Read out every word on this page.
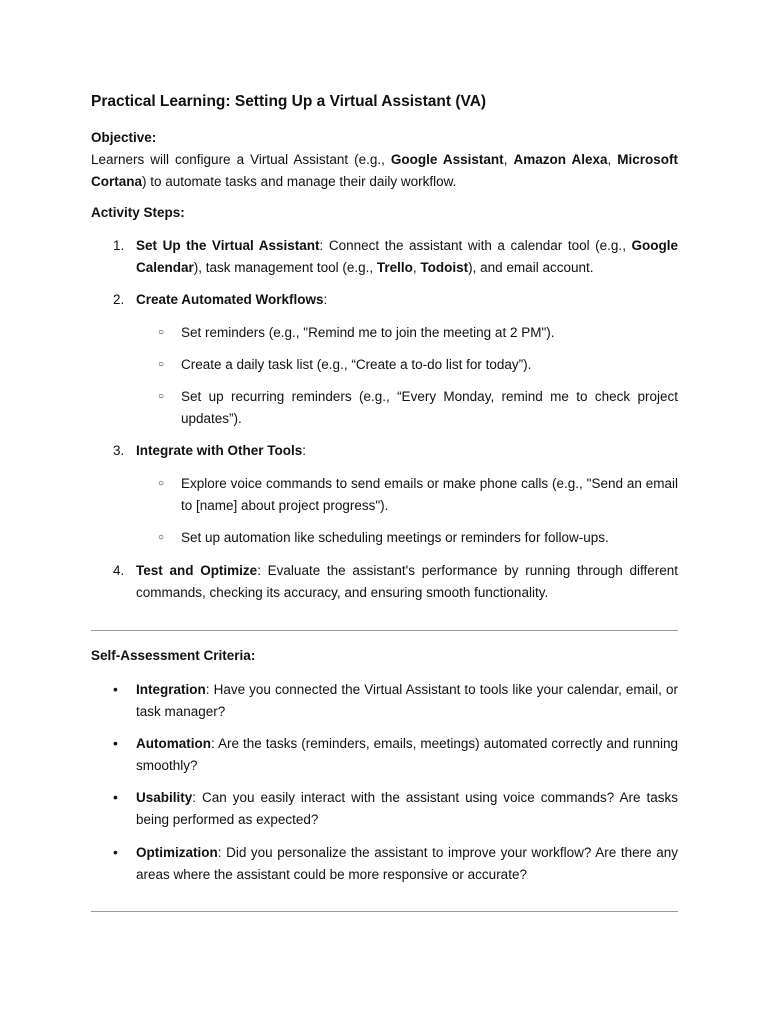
Practical Learning: Setting Up a Virtual Assistant (VA)
Objective:
Learners will configure a Virtual Assistant (e.g., Google Assistant, Amazon Alexa, Microsoft Cortana) to automate tasks and manage their daily workflow.
Activity Steps:
1. Set Up the Virtual Assistant: Connect the assistant with a calendar tool (e.g., Google Calendar), task management tool (e.g., Trello, Todoist), and email account.
2. Create Automated Workflows:
○ Set reminders (e.g., "Remind me to join the meeting at 2 PM").
○ Create a daily task list (e.g., “Create a to-do list for today”).
○ Set up recurring reminders (e.g., “Every Monday, remind me to check project updates”).
3. Integrate with Other Tools:
○ Explore voice commands to send emails or make phone calls (e.g., "Send an email to [name] about project progress").
○ Set up automation like scheduling meetings or reminders for follow-ups.
4. Test and Optimize: Evaluate the assistant's performance by running through different commands, checking its accuracy, and ensuring smooth functionality.
Self-Assessment Criteria:
•	Integration: Have you connected the Virtual Assistant to tools like your calendar, email, or task manager?
•	Automation: Are the tasks (reminders, emails, meetings) automated correctly and running smoothly?
•	Usability: Can you easily interact with the assistant using voice commands? Are tasks being performed as expected?
•	Optimization: Did you personalize the assistant to improve your workflow? Are there any areas where the assistant could be more responsive or accurate?
